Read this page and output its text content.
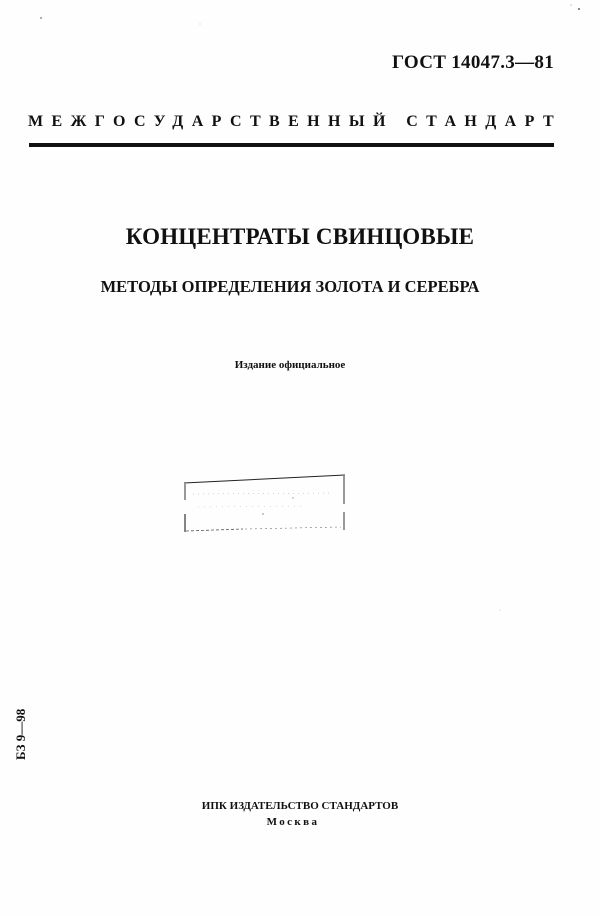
ГОСТ 14047.3—81
МЕЖГОСУДАРСТВЕННЫЙ СТАНДАРТ
КОНЦЕНТРАТЫ СВИНЦОВЫЕ
МЕТОДЫ ОПРЕДЕЛЕНИЯ ЗОЛОТА И СЕРЕБРА
Издание официальное
БЗ 9—98
ИПК ИЗДАТЕЛЬСТВО СТАНДАРТОВ
Москва
